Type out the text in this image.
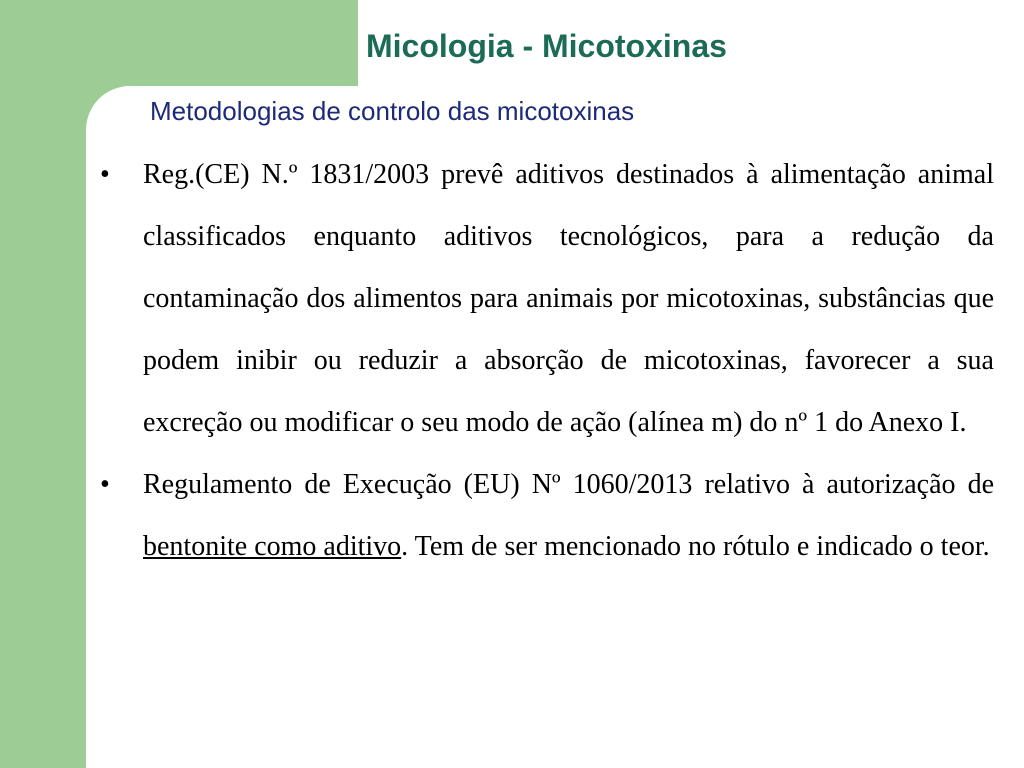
Micologia - Micotoxinas
Metodologias de controlo das micotoxinas
•	Reg.(CE) N.º 1831/2003 prevê aditivos destinados à alimentação animal classificados enquanto aditivos tecnológicos, para a redução da contaminação dos alimentos para animais por micotoxinas, substâncias que podem inibir ou reduzir a absorção de micotoxinas, favorecer a sua excreção ou modificar o seu modo de ação (alínea m) do nº 1 do Anexo I.
•	Regulamento de Execução (EU) Nº 1060/2013 relativo à autorização de bentonite como aditivo. Tem de ser mencionado no rótulo e indicado o teor.
